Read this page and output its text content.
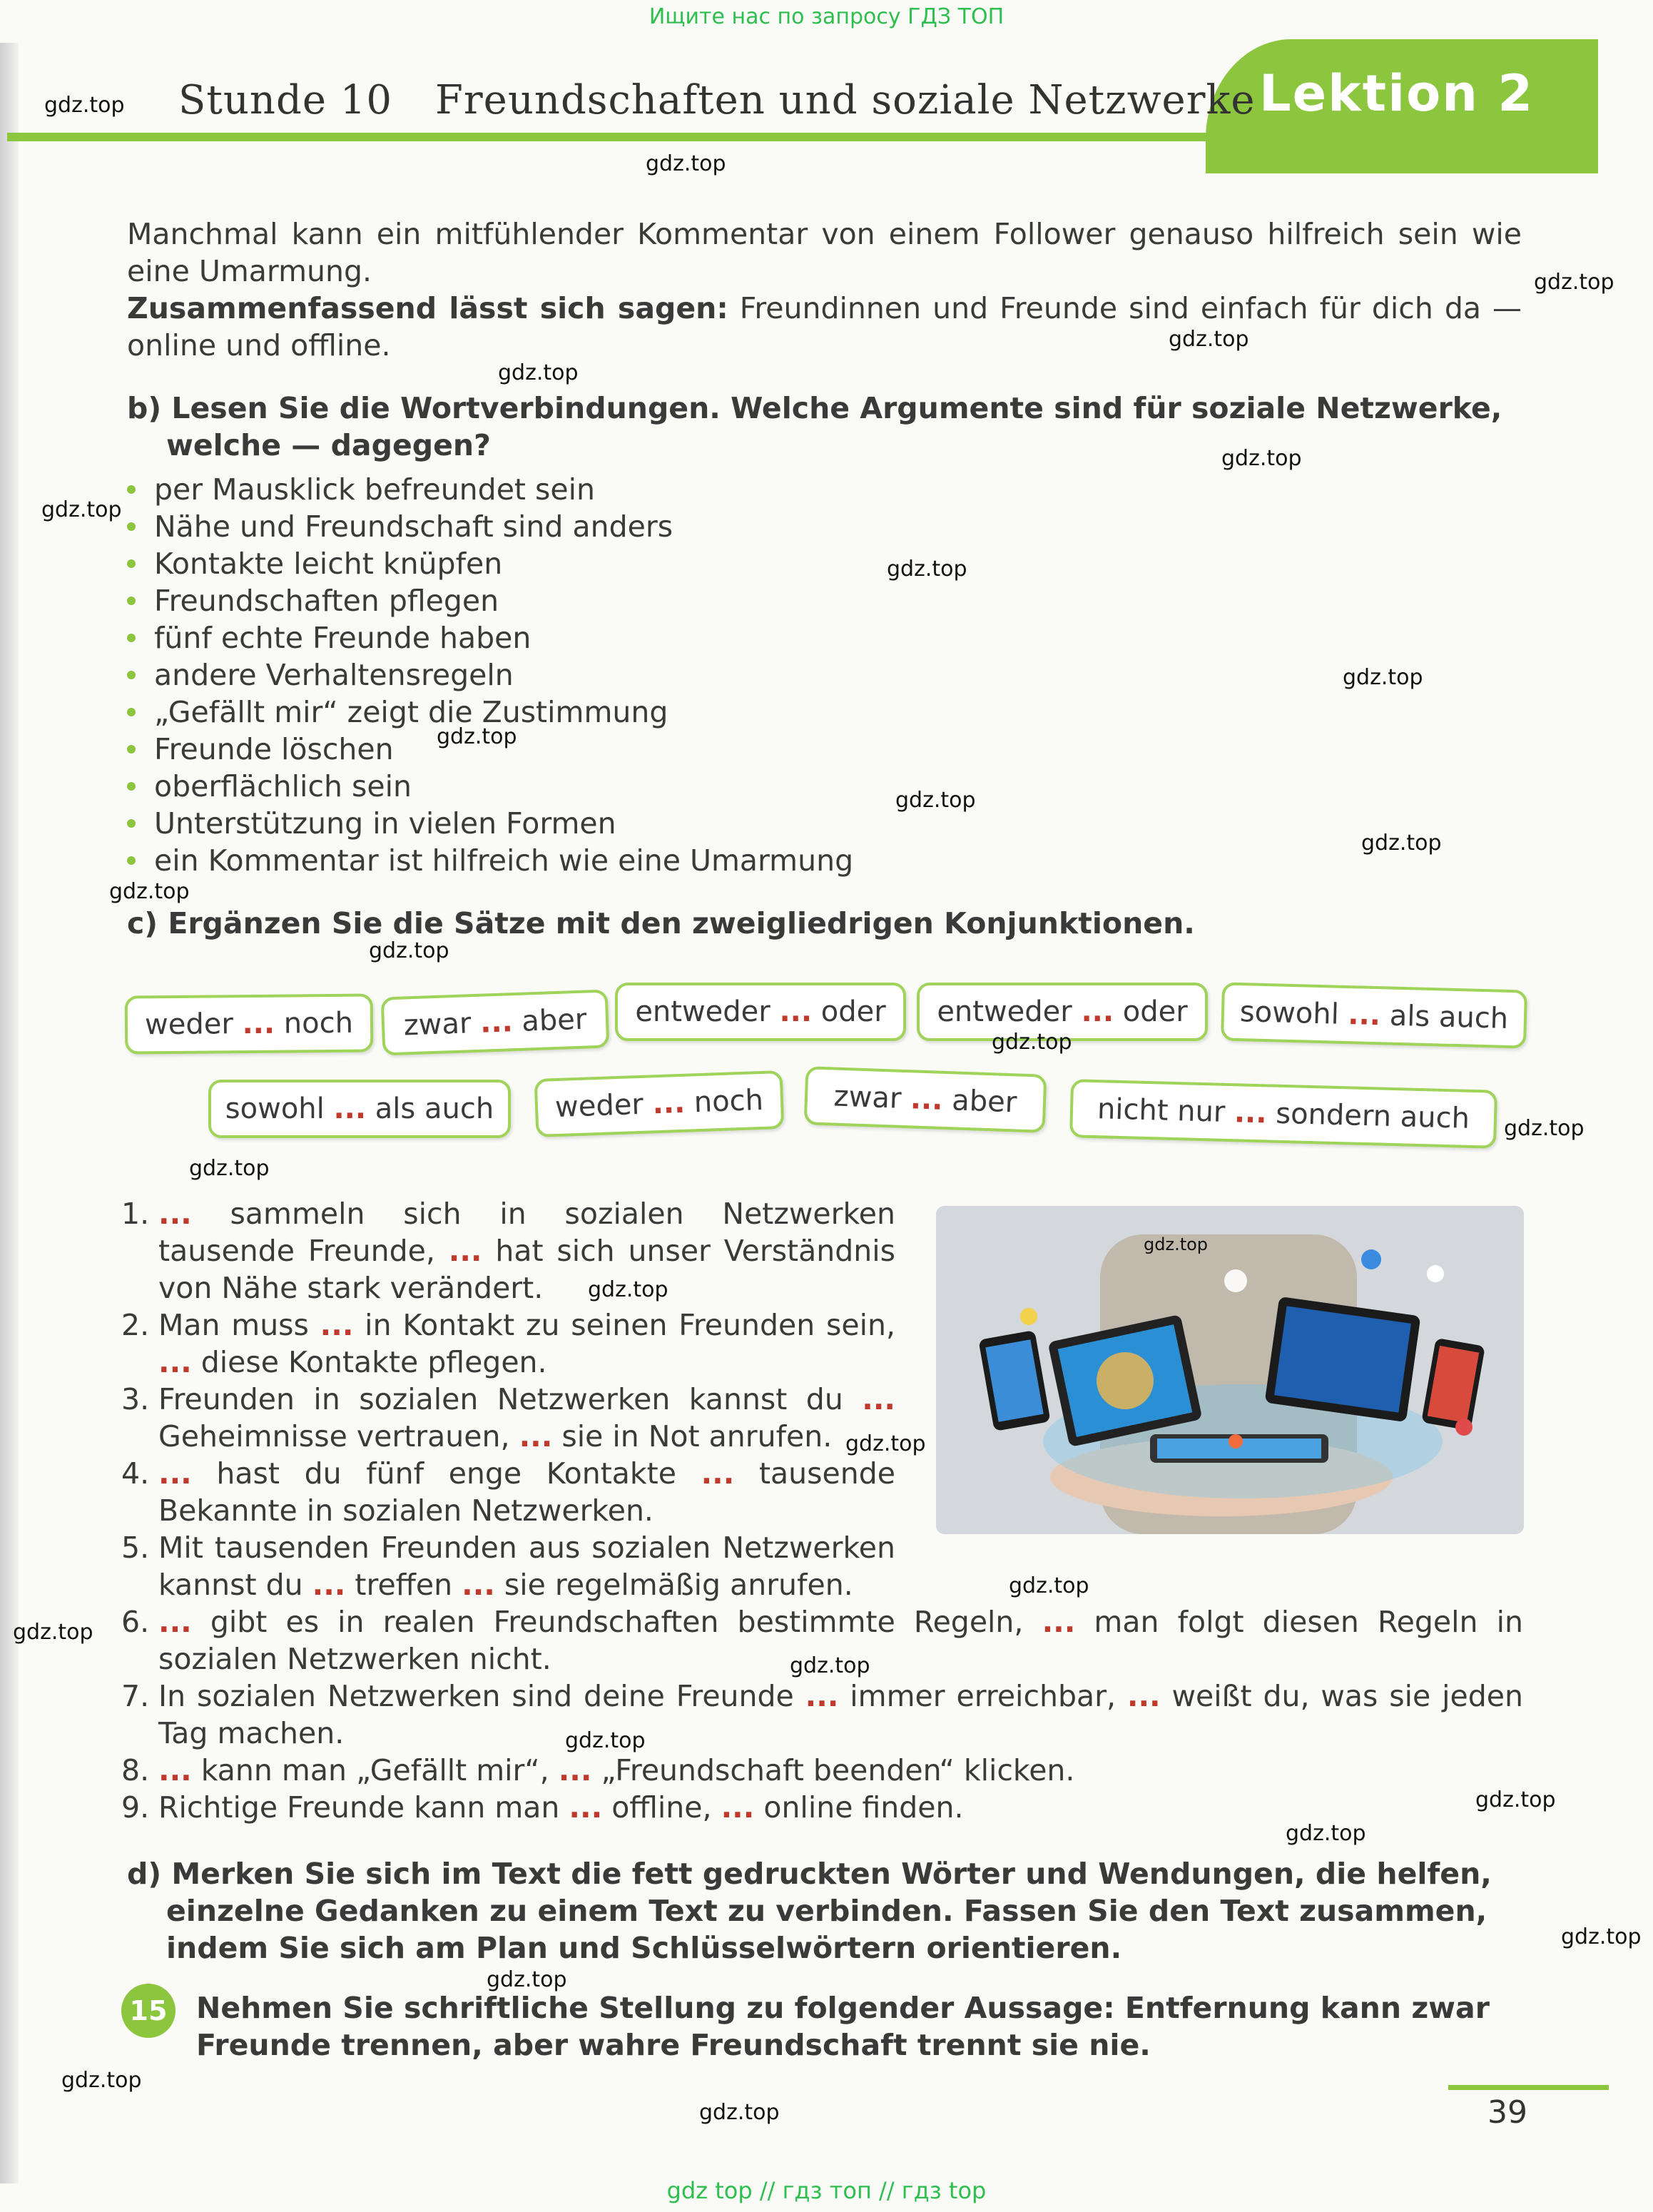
Ищите нас по запросу ГДЗ ТОП
Lektion 2
Stunde 10 Freundschaften und soziale Netzwerke
Manchmal kann ein mitfühlender Kommentar von einem Follower genauso hilfreich sein wie eine Umarmung.
Zusammenfassend lässt sich sagen: Freundinnen und Freunde sind einfach für dich da — online und offline.
b) Lesen Sie die Wortverbindungen. Welche Argumente sind für soziale Netzwerke, welche — dagegen?
per Mausklick befreundet sein
Nähe und Freundschaft sind anders
Kontakte leicht knüpfen
Freundschaften pflegen
fünf echte Freunde haben
andere Verhaltensregeln
„Gefällt mir“ zeigt die Zustimmung
Freunde löschen
oberflächlich sein
Unterstützung in vielen Formen
ein Kommentar ist hilfreich wie eine Umarmung
c) Ergänzen Sie die Sätze mit den zweigliedrigen Konjunktionen.
weder ... noch	zwar ... aber	entweder ... oder	entweder ... oder	sowohl ... als auch
sowohl ... als auch	weder ... noch	zwar ... aber	nicht nur ... sondern auch
1. ... sammeln sich in sozialen Netzwerken tausende Freunde, ... hat sich unser Verständnis von Nähe stark verändert.
2. Man muss ... in Kontakt zu seinen Freunden sein, ... diese Kontakte pflegen.
3. Freunden in sozialen Netzwerken kannst du ... Geheimnisse vertrauen, ... sie in Not anrufen.
4. ... hast du fünf enge Kontakte ... tausende Bekannte in sozialen Netzwerken.
5. Mit tausenden Freunden aus sozialen Netzwerken kannst du ... treffen ... sie regelmäßig anrufen.
6. ... gibt es in realen Freundschaften bestimmte Regeln, ... man folgt diesen Regeln in sozialen Netzwerken nicht.
7. In sozialen Netzwerken sind deine Freunde ... immer erreichbar, ... weißt du, was sie jeden Tag machen.
8. ... kann man „Gefällt mir“, ... „Freundschaft beenden“ klicken.
9. Richtige Freunde kann man ... offline, ... online finden.
d) Merken Sie sich im Text die fett gedruckten Wörter und Wendungen, die helfen, einzelne Gedanken zu einem Text zu verbinden. Fassen Sie den Text zusammen, indem Sie sich am Plan und Schlüsselwörtern orientieren.
15 Nehmen Sie schriftliche Stellung zu folgender Aussage: Entfernung kann zwar Freunde trennen, aber wahre Freundschaft trennt sie nie.
39
gdz.top
gdz.top
gdz.top
gdz.top
gdz.top
gdz.top
gdz.top
gdz.top
gdz.top
gdz.top
gdz.top
gdz.top
gdz.top
gdz.top
gdz.top
gdz.top
gdz.top
gdz.top
gdz.top
gdz.top
gdz.top
gdz.top
gdz.top
gdz.top
gdz.top
gdz.top
gdz.top
gdz.top
gdz.top
gdz.top
gdz top // гдз топ // гдз top
